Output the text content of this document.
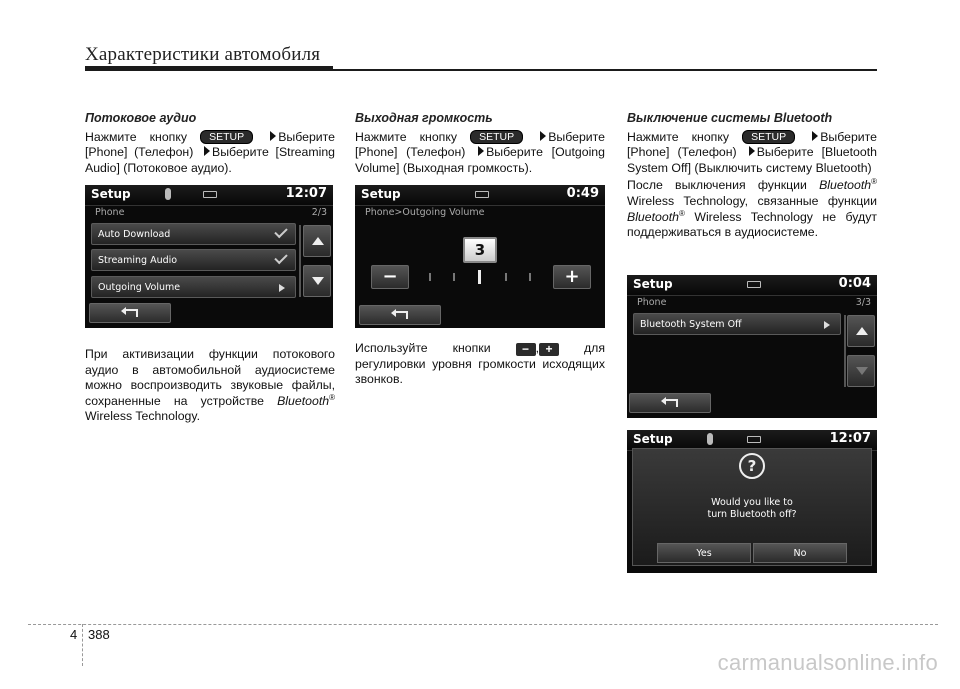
Характеристики автомобиля

Потоковое аудио

Нажмите кнопку SETUP	Выберите [Phone] (Телефон) Выберите [Streaming Audio] (Потоковое аудио).

При активизации функции потокового аудио в автомобильной аудиосистеме можно воспроизводить звуковые файлы, сохраненные на устройстве Bluetooth® Wireless Technology.

Выходная громкость

Нажмите кнопку SETUP	Выберите [Phone] (Телефон) Выберите [Outgoing Volume] (Выходная громкость).

Используйте кнопки	− , +	для регулировки уровня громкости исходящих звонков.

Выключение системы Bluetooth

Нажмите кнопку SETUP	Выберите [Phone] (Телефон) Выберите [Bluetooth System Off] (Выключить систему Bluetooth)

После выключения функции Bluetooth® Wireless Technology, связанные функции Bluetooth® Wireless Technology не будут поддерживаться в аудиосистеме.

Setup	12:07
Phone	2/3
Auto Download
Streaming Audio
Outgoing Volume
Setup	0:49
Phone>Outgoing Volume
3
−	+	Setup	0:04
Phone	3/3
Bluetooth System Off
Setup	12:07
?
Would you like to
turn Bluetooth off?
Yes	No
4 388
carmanualsonline.info
